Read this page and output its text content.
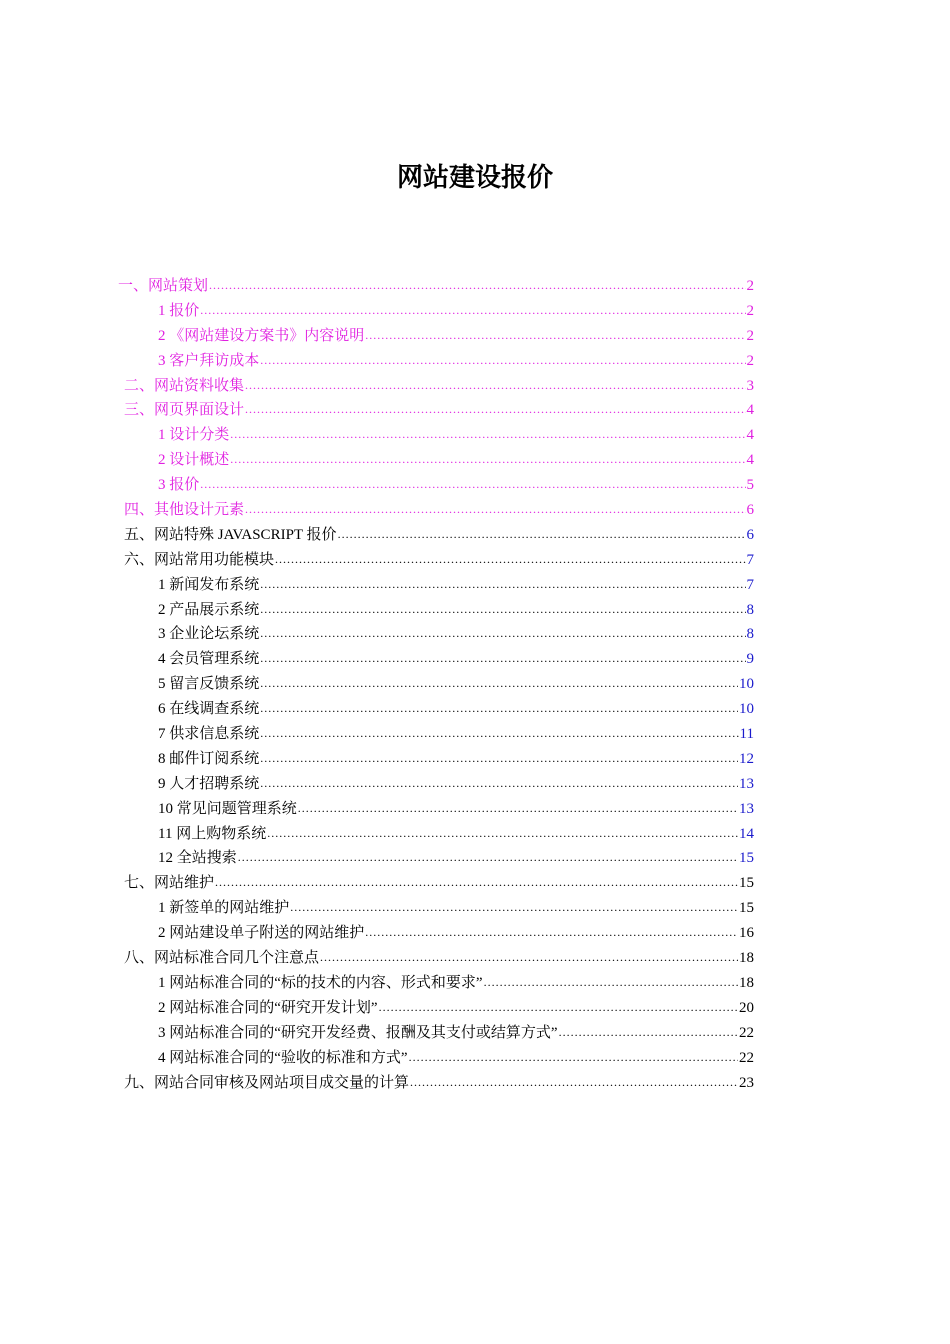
网站建设报价
一、网站策划 .....	2
1 报价 .....	2
2 《网站建设方案书》内容说明 .....	2
3 客户拜访成本 .....	2
二、网站资料收集 .....	3
三、网页界面设计 .....	4
1 设计分类 .....	4
2 设计概述 .....	4
3 报价 .....	5
四、其他设计元素 .....	6
五、网站特殊 JAVASCRIPT 报价 .....	6
六、网站常用功能模块 .....	7
1 新闻发布系统 .....	7
2 产品展示系统 .....	8
3 企业论坛系统 .....	8
4 会员管理系统 .....	9
5 留言反馈系统 .....	10
6 在线调查系统 .....	10
7 供求信息系统 .....	11
8 邮件订阅系统 .....	12
9 人才招聘系统 .....	13
10 常见问题管理系统 .....	13
11 网上购物系统 .....	14
12 全站搜索 .....	15
七、网站维护 .....	15
1 新签单的网站维护 .....	15
2 网站建设单子附送的网站维护 .....	16
八、网站标准合同几个注意点 .....	18
1 网站标准合同的“标的技术的内容、形式和要求” .....	18
2 网站标准合同的“研究开发计划” .....	20
3 网站标准合同的“研究开发经费、报酬及其支付或结算方式” .....	22
4 网站标准合同的“验收的标准和方式” .....	22
九、网站合同审核及网站项目成交量的计算 .....	23
